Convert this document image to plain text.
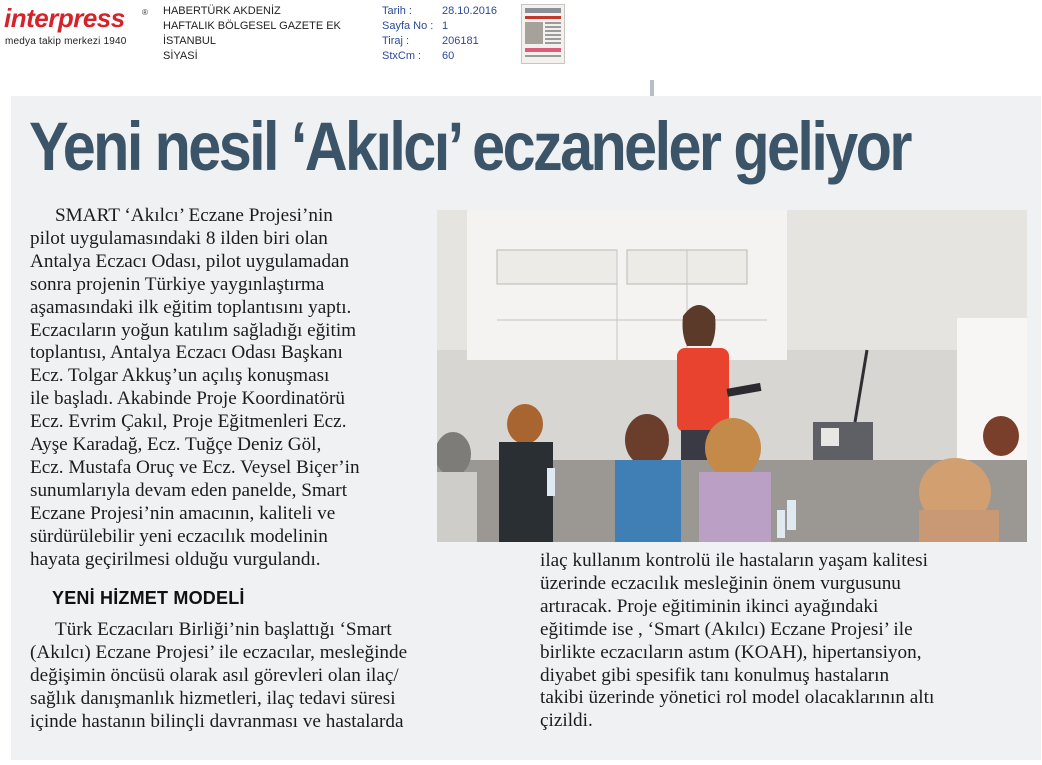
interpress ®
medya takip merkezi 1940
HABERTÜRK AKDENİZ
HAFTALIK BÖLGESEL GAZETE EK
İSTANBUL
SİYASİ
Tarih :
Sayfa No :
Tiraj :
StxCm :
28.10.2016
1
206181
60
Yeni nesil ‘Akılcı’ eczaneler geliyor
SMART ‘Akılcı’ Eczane Projesi’nin
pilot uygulamasındaki 8 ilden biri olan
Antalya Eczacı Odası, pilot uygulamadan
sonra projenin Türkiye yaygınlaştırma
aşamasındaki ilk eğitim toplantısını yaptı.
Eczacıların yoğun katılım sağladığı eğitim
toplantısı, Antalya Eczacı Odası Başkanı
Ecz. Tolgar Akkuş’un açılış konuşması
ile başladı. Akabinde Proje Koordinatörü
Ecz. Evrim Çakıl, Proje Eğitmenleri Ecz.
Ayşe Karadağ, Ecz. Tuğçe Deniz Göl,
Ecz. Mustafa Oruç ve Ecz. Veysel Biçer’in
sunumlarıyla devam eden panelde, Smart
Eczane Projesi’nin amacının, kaliteli ve
sürdürülebilir yeni eczacılık modelinin
hayata geçirilmesi olduğu vurgulandı.
YENİ HİZMET MODELİ
Türk Eczacıları Birliği’nin başlattığı ‘Smart
(Akılcı) Eczane Projesi’ ile eczacılar, mesleğinde
değişimin öncüsü olarak asıl görevleri olan ilaç/
sağlık danışmanlık hizmetleri, ilaç tedavi süresi
içinde hastanın bilinçli davranması ve hastalarda
ilaç kullanım kontrolü ile hastaların yaşam kalitesi
üzerinde eczacılık mesleğinin önem vurgusunu
artıracak. Proje eğitiminin ikinci ayağındaki
eğitimde ise , ‘Smart (Akılcı) Eczane Projesi’ ile
birlikte eczacıların astım (KOAH), hipertansiyon,
diyabet gibi spesifik tanı konulmuş hastaların
takibi üzerinde yönetici rol model olacaklarının altı
çizildi.
